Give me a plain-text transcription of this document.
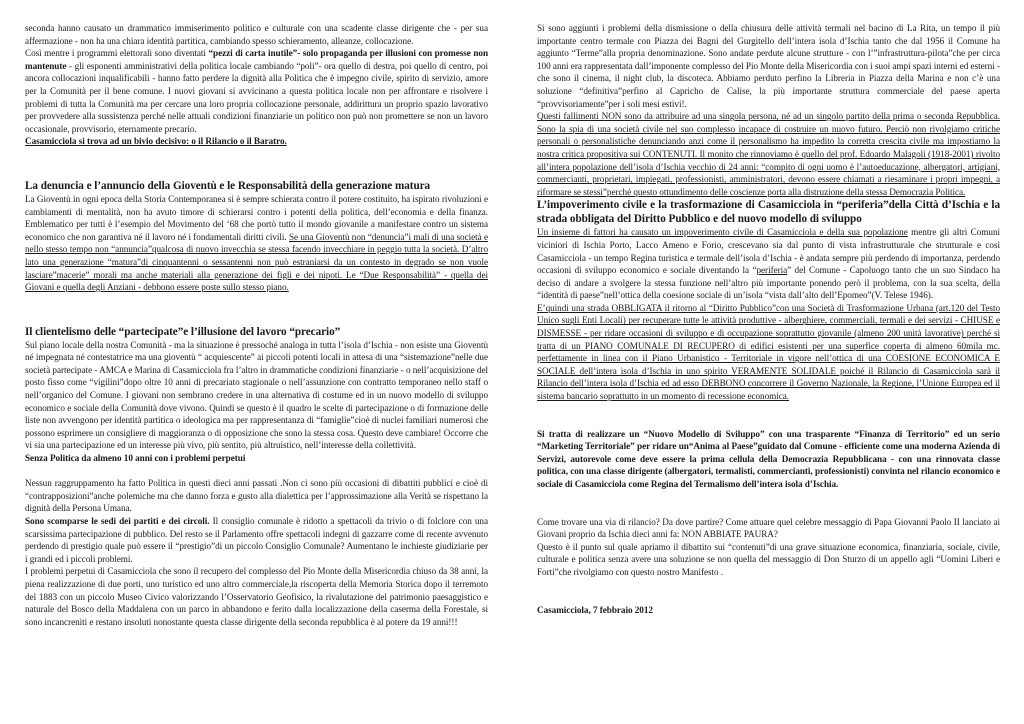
seconda hanno causato un drammatico immiserimento politico e culturale con una scadente classe dirigente che - per sua affermazione - non ha una chiara identità partitica, cambiando spesso schieramento, alleanze, collocazione.

Così mentre i programmi elettorali sono diventati “pezzi di carta inutile”- solo propaganda per illusioni con promesse non mantenute - gli esponenti amministrativi della politica locale cambiando “poli”- ora quello di destra, poi quello di centro, poi ancora collocazioni inqualificabili - hanno fatto perdere la dignità alla Politica che è impegno civile, spirito di servizio, amore per la Comunità per il bene comune. I nuovi giovani si avvicinano a questa politica locale non per affrontare e risolvere i problemi di tutta la Comunità ma per cercare una loro propria collocazione personale, addirittura un proprio spazio lavorativo per provvedere alla sussistenza perché nelle attuali condizioni finanziarie un politico non può non promettere se non un lavoro occasionale, provvisorio, eternamente precario.

Casamicciola si trova ad un bivio decisivo: o il Rilancio o il Baratro.

La denuncia e l’annuncio della Gioventù e le Responsabilità della generazione matura

La Gioventù in ogni epoca della Storia Contemporanea si è sempre schierata contro il potere costituito, ha ispirato rivoluzioni e cambiamenti di mentalità, non ha avuto timore di schierarsi contro i potenti della politica, dell’economia e della finanza. Emblematico per tutti è l’esempio del Movimento del ‘68 che portò tutto il mondo giovanile a manifestare contro un sistema economico che non garantiva né il lavoro né i fondamentali diritti civili. Se una Gioventù non “denuncia”i mali di una società e nello stesso tempo non “annuncia”qualcosa di nuovo invecchia se stessa facendo invecchiare in peggio tutta la società. D’altro lato una generazione “matura”di cinquantenni o sessantenni non può estraniarsi da un contesto in degrado se non vuole lasciare”macerie” morali ma anche materiali alla generazione dei figli e dei nipoti. Le “Due Responsabilità” - quella dei Giovani e quella degli Anziani - debbono essere poste sullo stesso piano.

Il clientelismo delle “partecipate”e l’illusione del lavoro “precario”

Sul piano locale della nostra Comunità - ma la situazione è pressoché analoga in tutta l’isola d’Ischia - non esiste una Gioventù né impegnata né contestatrice ma una gioventù “ acquiescente” ai piccoli potenti locali in attesa di una “sistemazione”nelle due società partecipate - AMCA e Marina di Casamicciola fra l’altro in drammatiche condizioni finanziarie - o nell’acquisizione del posto fisso come “vigilini”dopo oltre 10 anni di precariato stagionale o nell’assunzione con contratto temporaneo nello staff o nell’organico del Comune. I giovani non sembrano credere in una alternativa di costume ed in un nuovo modello di sviluppo economico e sociale della Comunità dove vivono. Quindi se questo è il quadro le scelte di partecipazione o di formazione delle liste non avvengono per identità partitica o ideologica ma per rappresentanza di “famiglie”cioè di nuclei familiari numerosi che possono esprimere un consigliere di maggioranza o di opposizione che sono la stessa cosa. Questo deve cambiare! Occorre che vi sia una partecipazione ed un interesse più vivo, più sentito, più altruistico, nell’interesse della collettività.

Senza Politica da almeno 10 anni con i problemi perpetui

Nessun raggruppamento ha fatto Politica in questi dieci anni passati .Non ci sono più occasioni di dibattiti pubblici e cioè di “contrapposizioni”anche polemiche ma che danno forza e gusto alla dialettica per l’approssimazione alla Verità se rispettano la dignità della Persona Umana.

Sono scomparse le sedi dei partiti e dei circoli. Il consiglio comunale è ridotto a spettacoli da trivio o di folclore con una scarsissima partecipazione di pubblico. Del resto se il Parlamento offre spettacoli indegni di gazzarre come di recente avvenuto perdendo di prestigio quale può essere il “prestigio”di un piccolo Consiglio Comunale? Aumentano le inchieste giudiziarie per i grandi ed i piccoli problemi.

I problemi perpetui di Casamicciola che sono il recupero del complesso del Pio Monte della Misericordia chiuso da 38 anni, la piena realizzazione di due porti, uno turistico ed uno altro commerciale,la riscoperta della Memoria Storica dopo il terremoto del 1883 con un piccolo Museo Civico valorizzando l’Osservatorio Geofisico, la rivalutazione del patrimonio paesaggistico e naturale del Bosco della Maddalena con un parco in abbandono e ferito dalla localizzazione della caserma della Forestale, si sono incancreniti e restano insoluti nonostante questa classe dirigente della seconda repubblica è al potere da 19 anni!!!

Si sono aggiunti i problemi della dismissione o della chiusura delle attività termali nel bacino di La Rita, un tempo il più importante centro termale con Piazza dei Bagni del Gurgitello dell’intera isola d’Ischia tanto che dal 1956 il Comune ha aggiunto “Terme”alla propria denominazione. Sono andate perdute alcune strutture - con l’”infrastruttura-pilota”che per circa 100 anni era rappresentata dall’imponente complesso del Pio Monte della Misericordia con i suoi ampi spazi interni ed esterni - che sono il cinema, il night club, la discoteca. Abbiamo perduto perfino la Libreria in Piazza della Marina e non c’è una soluzione “definitiva”perfino al Capricho de Calise, la più importante struttura commerciale del paese aperta “provvisoriamente”per i soli mesi estivi!.

Questi fallimenti NON sono da attribuire ad una singola persona, né ad un singolo partito della prima o seconda Repubblica. Sono la spia di una società civile nel suo complesso incapace di costruire un nuovo futuro. Perciò non rivolgiamo critiche personali o personalistiche denunciando anzi come il personalismo ha impedito la corretta crescita civile ma impostiamo la nostra critica propositiva sui CONTENUTI. Il monito che rinnoviamo è quello del prof. Edoardo Malagoli (1918-2001) rivolto all’intera popolazione dell’isola d’Ischia vecchio di 24 anni: “compito di ogni uomo è l’autoeducazione, albergatori, artigiani, commercianti, proprietari, impiegati, professionisti, amministratori, devono essere chiamati a riesaminare i propri impegni, a riformare se stessi”perché questo ottundimento delle coscienze porta alla distruzione della stessa Democrazia Politica.

L’impoverimento civile e la trasformazione di Casamicciola in “periferia”della Città d’Ischia e la strada obbligata del Diritto Pubblico e del nuovo modello di sviluppo

Un insieme di fattori ha causato un impoverimento civile di Casamicciola e della sua popolazione mentre gli altri Comuni viciniori di Ischia Porto, Lacco Ameno e Forio, crescevano sia dal punto di vista infrastrutturale che strutturale e così Casamicciola - un tempo Regina turistica e termale dell’isola d’Ischia - è andata sempre più perdendo di importanza, perdendo occasioni di sviluppo economico e sociale diventando la “periferia” del Comune - Capoluogo tanto che un suo Sindaco ha deciso di andare a svolgere la stessa funzione nell’altro più importante ponendo però il problema, con la sua scelta, della “identità di paese”nell’ottica della coesione sociale di un’isola “vista dall’alto dell’Epomeo”(V. Telese 1946).

E’quindi una strada OBBLIGATA il ritorno al “Diritto Pubblico”con una Società di Trasformazione Urbana (art.120 del Testo Unico sugli Enti Locali) per recuperare tutte le attività produttive - alberghiere, commerciali, termali e dei servizi - CHIUSE e DISMESSE - per ridare occasioni di sviluppo e di occupazione soprattutto giovanile (almeno 200 unità lavorative) perché si tratta di un PIANO COMUNALE DI RECUPERO di edifici esistenti per una superfice coperta di almeno 60mila mc. perfettamente in linea con il Piano Urbanistico - Territoriale in vigore nell’ottica di una COESIONE ECONOMICA E SOCIALE dell’intera isola d’Ischia in uno spirito VERAMENTE SOLIDALE poiché il Rilancio di Casamicciola sarà il Rilancio dell’intera isola d’Ischia ed ad esso DEBBONO concorrere il Governo Nazionale, la Regione, l’Unione Europea ed il sistema bancario soprattutto in un momento di recessione economica.

Si tratta di realizzare un “Nuovo Modello di Sviluppo” con una trasparente “Finanza di Territorio” ed un serio “Marketing Territoriale” per ridare un“Anima al Paese”guidato dal Comune - efficiente come una moderna Azienda di Servizi, autorevole come deve essere la prima cellula della Democrazia Repubblicana - con una rinnovata classe politica, con una classe dirigente (albergatori, termalisti, commercianti, professionisti) convinta nel rilancio economico e sociale di Casamicciola come Regina del Termalismo dell’intera isola d’Ischia.

Come trovare una via di rilancio? Da dove partire? Come attuare quel celebre messaggio di Papa Giovanni Paolo II lanciato ai Giovani proprio da Ischia dieci anni fa: NON ABBIATE PAURA?

Questo è il punto sul quale apriamo il dibattito sui “contenuti”di una grave situazione economica, finanziaria, sociale, civile, culturale e politica senza avere una soluzione se non quella del messaggio di Don Sturzo di un appello agli “Uomini Liberi e Forti”che rivolgiamo con questo nostro Manifesto .

Casamicciola, 7 febbraio 2012
